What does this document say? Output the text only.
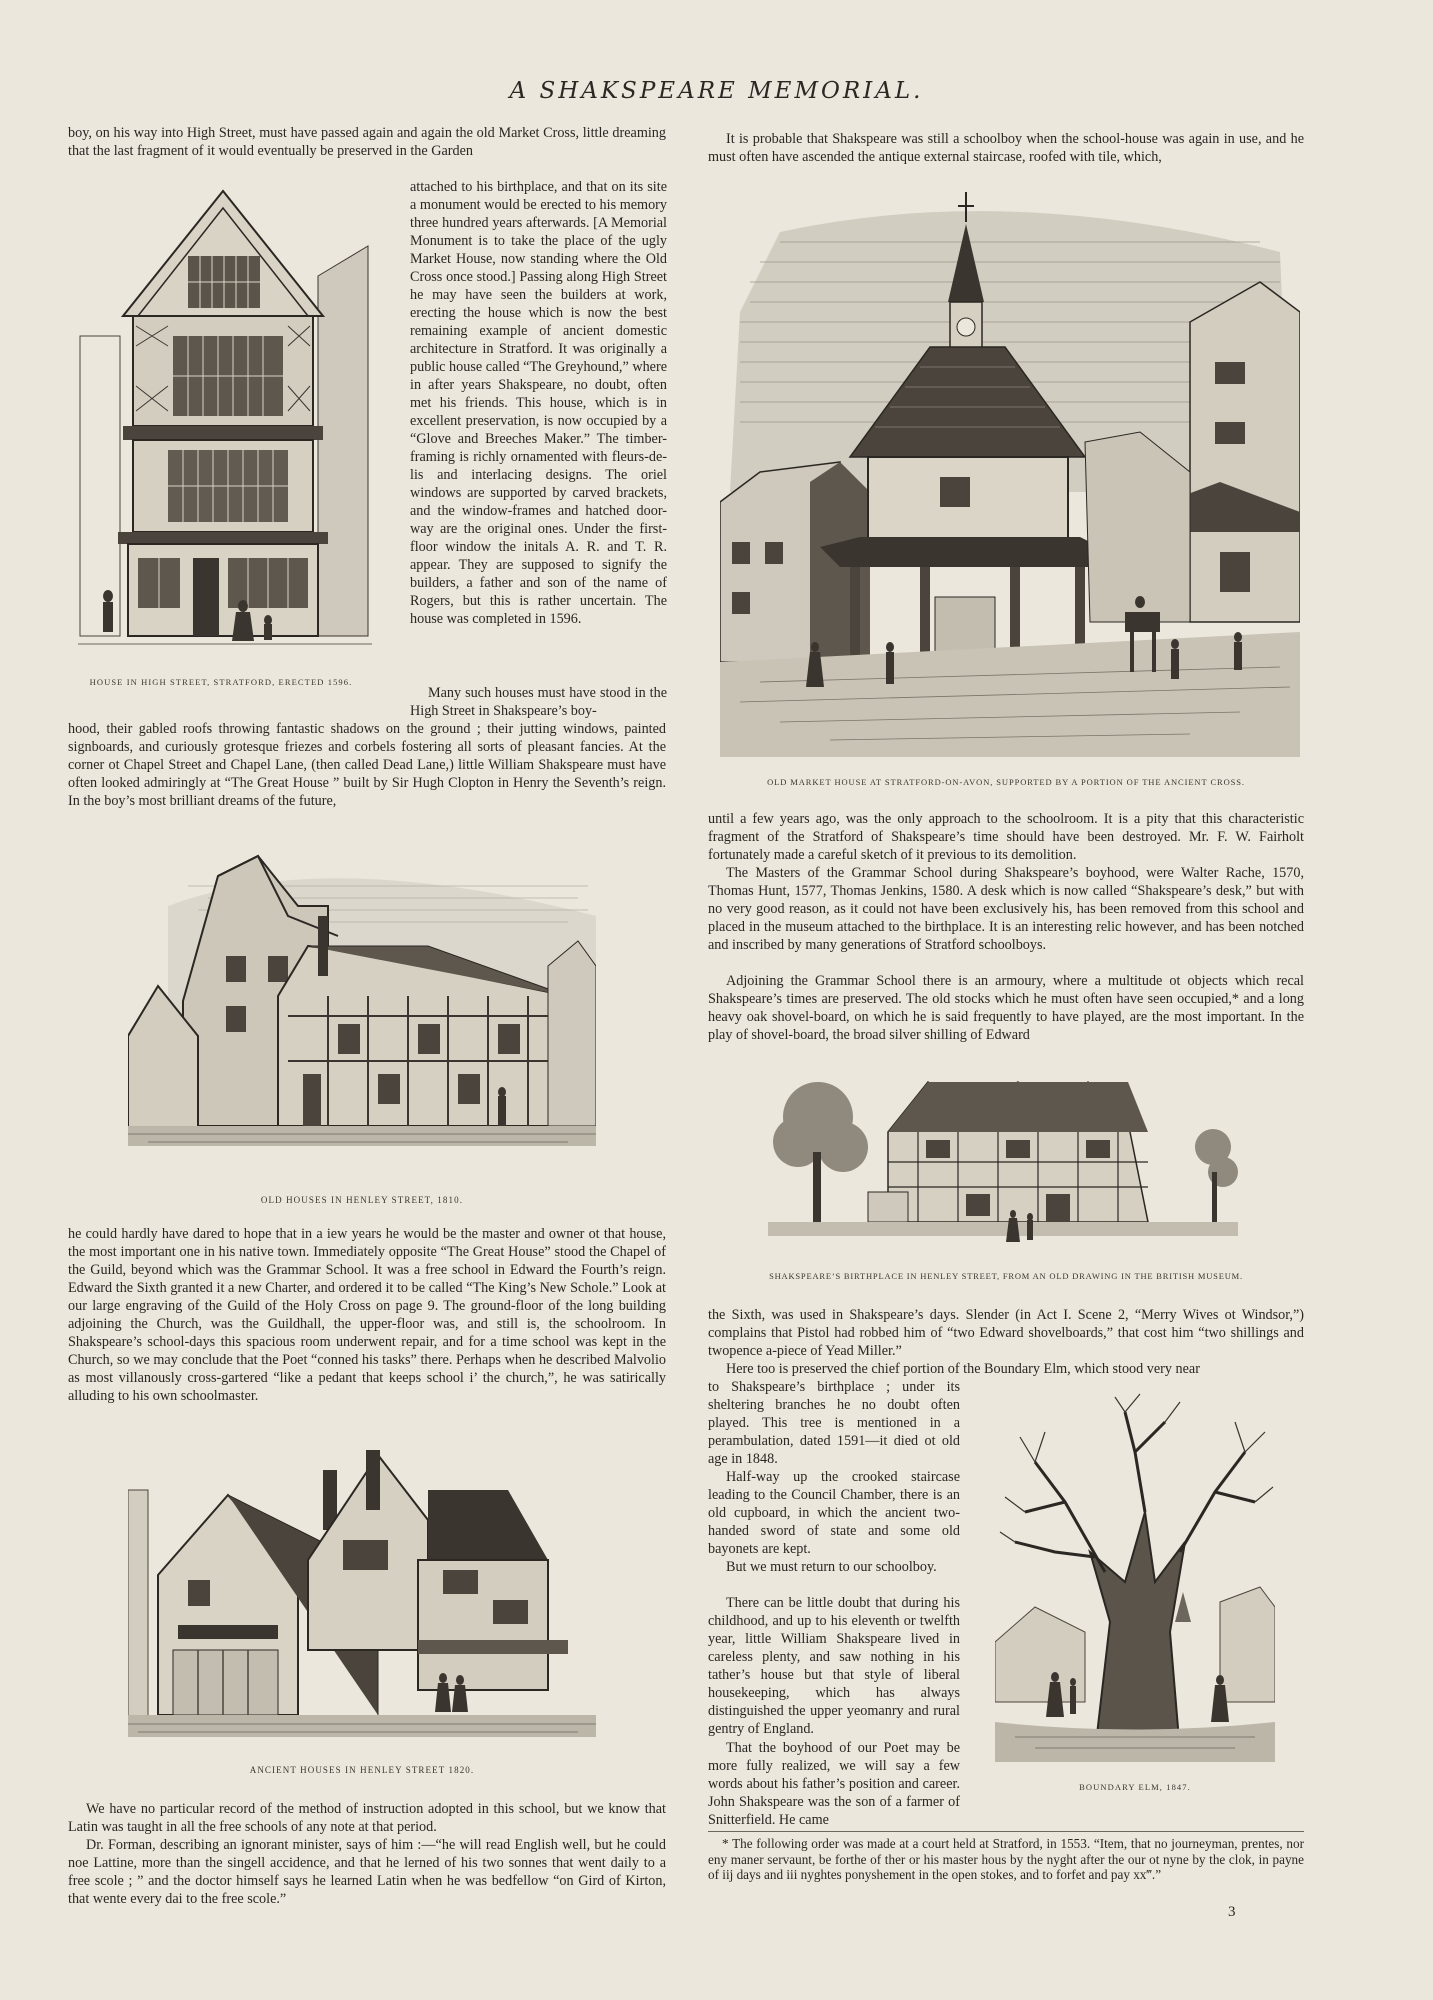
A SHAKSPEARE MEMORIAL.
boy, on his way into High Street, must have passed again and again the old Market Cross, little dreaming that the last fragment of it would eventually be preserved in the Garden
attached to his birthplace, and that on its site a monument would be erected to his memory three hundred years afterwards. [A Memorial Monument is to take the place of the ugly Market House, now standing where the Old Cross once stood.] Passing along High Street he may have seen the builders at work, erecting the house which is now the best remaining example of ancient domestic architecture in Stratford. It was originally a public house called “The Greyhound,” where in after years Shakspeare, no doubt, often met his friends. This house, which is in excellent preservation, is now occupied by a “Glove and Breeches Maker.” The timber-framing is richly ornamented with fleurs-de-lis and interlacing designs. The oriel windows are supported by carved brackets, and the window-frames and hatched door-way are the original ones. Under the first-floor window the initals A. R. and T. R. appear. They are supposed to signify the builders, a father and son of the name of Rogers, but this is rather uncertain. The house was completed in 1596.
HOUSE IN HIGH STREET, STRATFORD, ERECTED 1596.
Many such houses must have stood in the High Street in Shakspeare’s boy-
hood, their gabled roofs throwing fantastic shadows on the ground ; their jutting windows, painted signboards, and curiously grotesque friezes and corbels fostering all sorts of pleasant fancies. At the corner ot Chapel Street and Chapel Lane, (then called Dead Lane,) little William Shakspeare must have often looked admiringly at “The Great House ” built by Sir Hugh Clopton in Henry the Seventh’s reign. In the boy’s most brilliant dreams of the future,
OLD HOUSES IN HENLEY STREET, 1810.
he could hardly have dared to hope that in a iew years he would be the master and owner ot that house, the most important one in his native town. Immediately opposite “The Great House” stood the Chapel of the Guild, beyond which was the Grammar School. It was a free school in Edward the Fourth’s reign. Edward the Sixth granted it a new Charter, and ordered it to be called “The King’s New Schole.” Look at our large engraving of the Guild of the Holy Cross on page 9. The ground-floor of the long building adjoining the Church, was the Guildhall, the upper-floor was, and still is, the schoolroom. In Shakspeare’s school-days this spacious room underwent repair, and for a time school was kept in the Church, so we may conclude that the Poet “conned his tasks” there. Perhaps when he described Malvolio as most villanously cross-gartered “like a pedant that keeps school i’ the church,”, he was satirically alluding to his own schoolmaster.
ANCIENT HOUSES IN HENLEY STREET 1820.
We have no particular record of the method of instruction adopted in this school, but we know that Latin was taught in all the free schools of any note at that period.
Dr. Forman, describing an ignorant minister, says of him :—“he will read English well, but he could noe Lattine, more than the singell accidence, and that he lerned of his two sonnes that went daily to a free scole ; ” and the doctor himself says he learned Latin when he was bedfellow “on Gird of Kirton, that wente every dai to the free scole.”
It is probable that Shakspeare was still a schoolboy when the school-house was again in use, and he must often have ascended the antique external staircase, roofed with tile, which,
OLD MARKET HOUSE AT STRATFORD-ON-AVON, SUPPORTED BY A PORTION OF THE ANCIENT CROSS.
until a few years ago, was the only approach to the schoolroom. It is a pity that this characteristic fragment of the Stratford of Shakspeare’s time should have been destroyed. Mr. F. W. Fairholt fortunately made a careful sketch of it previous to its demolition.
The Masters of the Grammar School during Shakspeare’s boyhood, were Walter Rache, 1570, Thomas Hunt, 1577, Thomas Jenkins, 1580. A desk which is now called “Shakspeare’s desk,” but with no very good reason, as it could not have been exclusively his, has been removed from this school and placed in the museum attached to the birthplace. It is an interesting relic however, and has been notched and inscribed by many generations of Stratford schoolboys.
Adjoining the Grammar School there is an armoury, where a multitude ot objects which recal Shakspeare’s times are preserved. The old stocks which he must often have seen occupied,* and a long heavy oak shovel-board, on which he is said frequently to have played, are the most important. In the play of shovel-board, the broad silver shilling of Edward
SHAKSPEARE’S BIRTHPLACE IN HENLEY STREET, FROM AN OLD DRAWING IN THE BRITISH MUSEUM.
the Sixth, was used in Shakspeare’s days. Slender (in Act I. Scene 2, “Merry Wives ot Windsor,”) complains that Pistol had robbed him of “two Edward shovelboards,” that cost him “two shillings and twopence a-piece of Yead Miller.”
Here too is preserved the chief portion of the Boundary Elm, which stood very near
to Shakspeare’s birthplace ; under its sheltering branches he no doubt often played. This tree is mentioned in a perambulation, dated 1591—it died ot old age in 1848.
Half-way up the crooked staircase leading to the Council Chamber, there is an old cupboard, in which the ancient two-handed sword of state and some old bayonets are kept.
But we must return to our schoolboy.
There can be little doubt that during his childhood, and up to his eleventh or twelfth year, little William Shakspeare lived in careless plenty, and saw nothing in his tather’s house but that style of liberal housekeeping, which has always distinguished the upper yeomanry and rural gentry of England.
That the boyhood of our Poet may be more fully realized, we will say a few words about his father’s position and career. John Shakspeare was the son of a farmer of Snitterfield. He came
BOUNDARY ELM, 1847.
* The following order was made at a court held at Stratford, in 1553. “Item, that no journeyman, prentes, nor eny maner servaunt, be forthe of ther or his master hous by the nyght after the our ot nyne by the clok, in payne of iij days and iii nyghtes ponyshement in the open stokes, and to forfet and pay xx‴.”
3
